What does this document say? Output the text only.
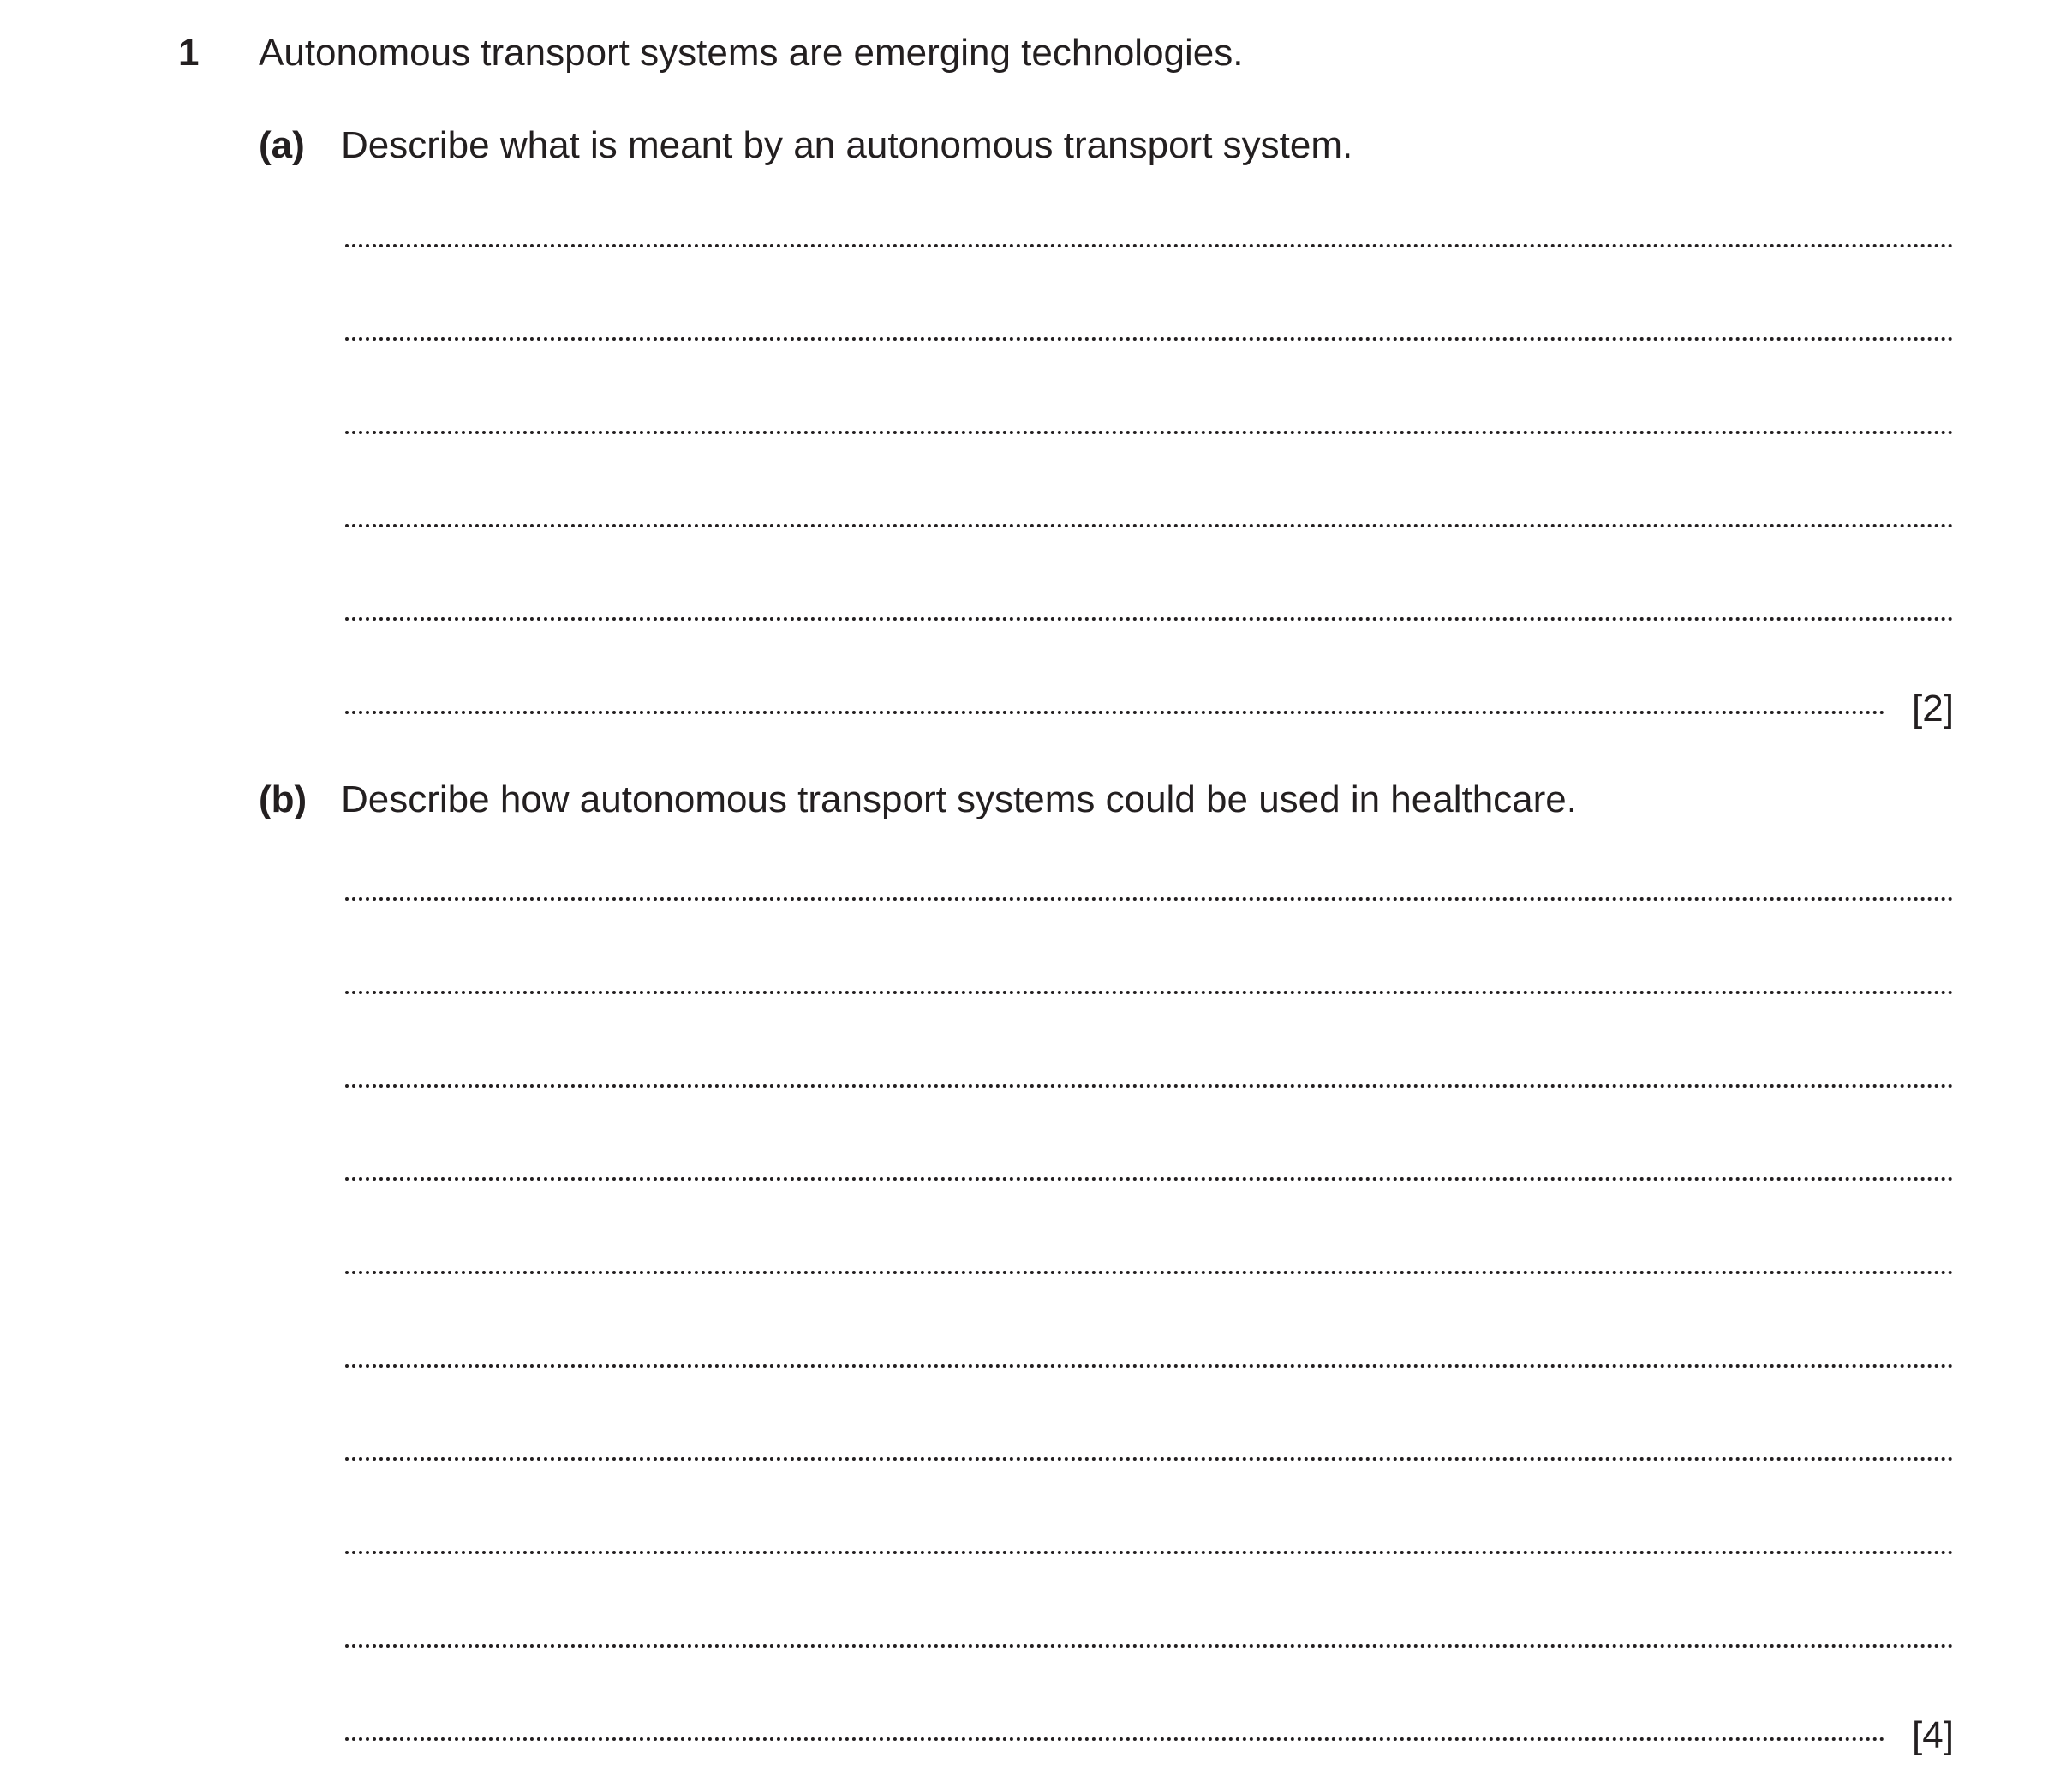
1 Autonomous transport systems are emerging technologies.
(a) Describe what is meant by an autonomous transport system.
[2]
(b) Describe how autonomous transport systems could be used in healthcare.
[4]
